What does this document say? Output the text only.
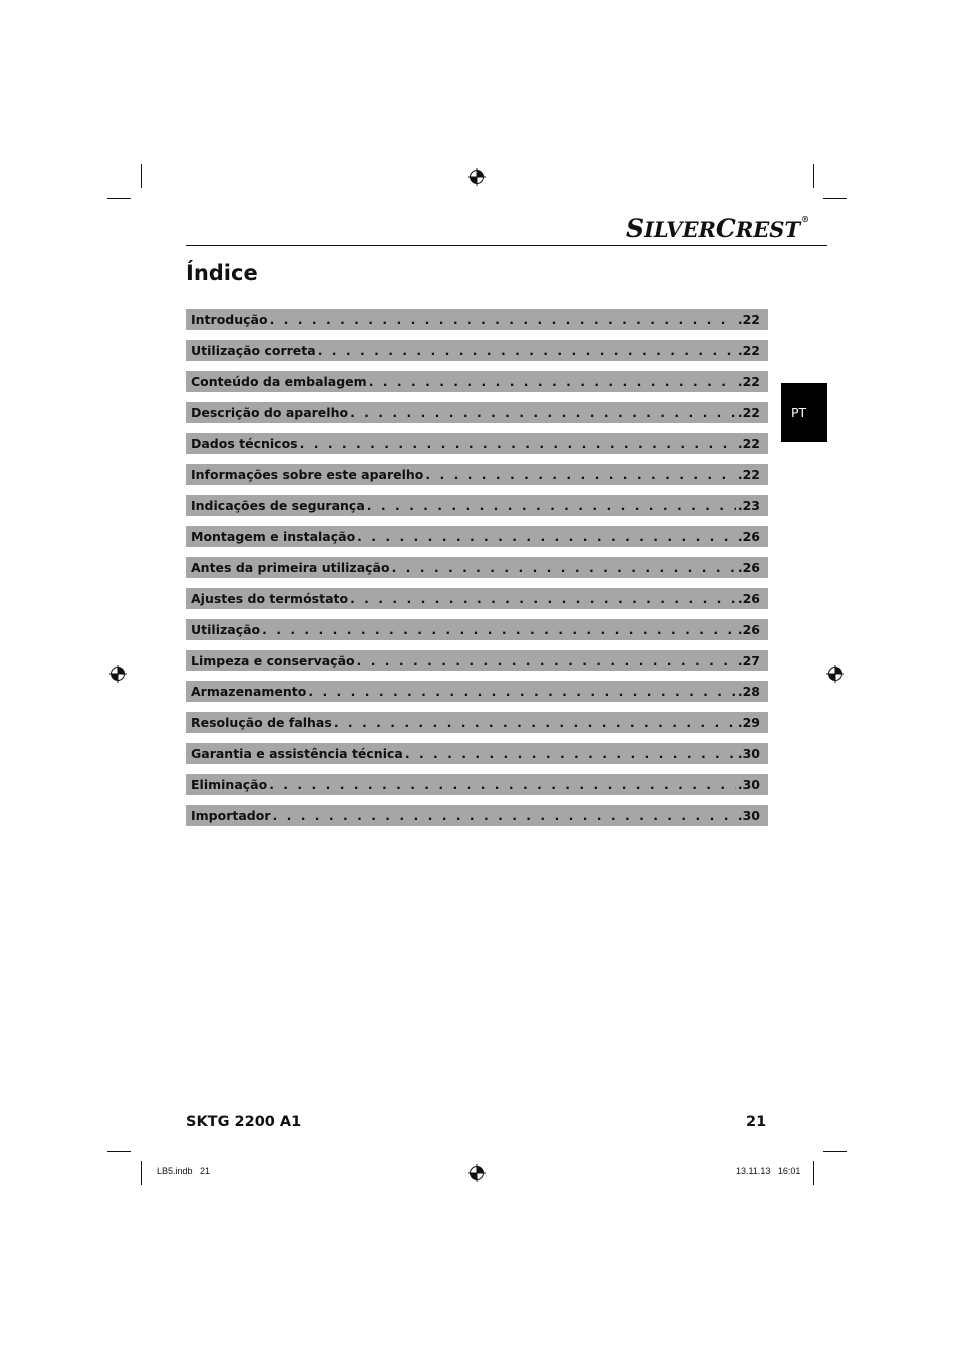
SILVERCREST®
Índice
Introdução . . .	.22
Utilização correta . . .	.22
Conteúdo da embalagem . . .	.22
Descrição do aparelho . . .	.22
Dados técnicos . . .	.22
Informações sobre este aparelho . . .	.22
Indicações de segurança . . .	.23
Montagem e instalação . . .	.26
Antes da primeira utilização . . .	.26
Ajustes do termóstato . . .	.26
Utilização . . .	.26
Limpeza e conservação . . .	.27
Armazenamento . . .	.28
Resolução de falhas . . .	.29
Garantia e assistência técnica . . .	.30
Eliminação . . .	.30
Importador . . .	.30
PT
SKTG 2200 A1	21
LB5.indb   21	13.11.13   16:01
